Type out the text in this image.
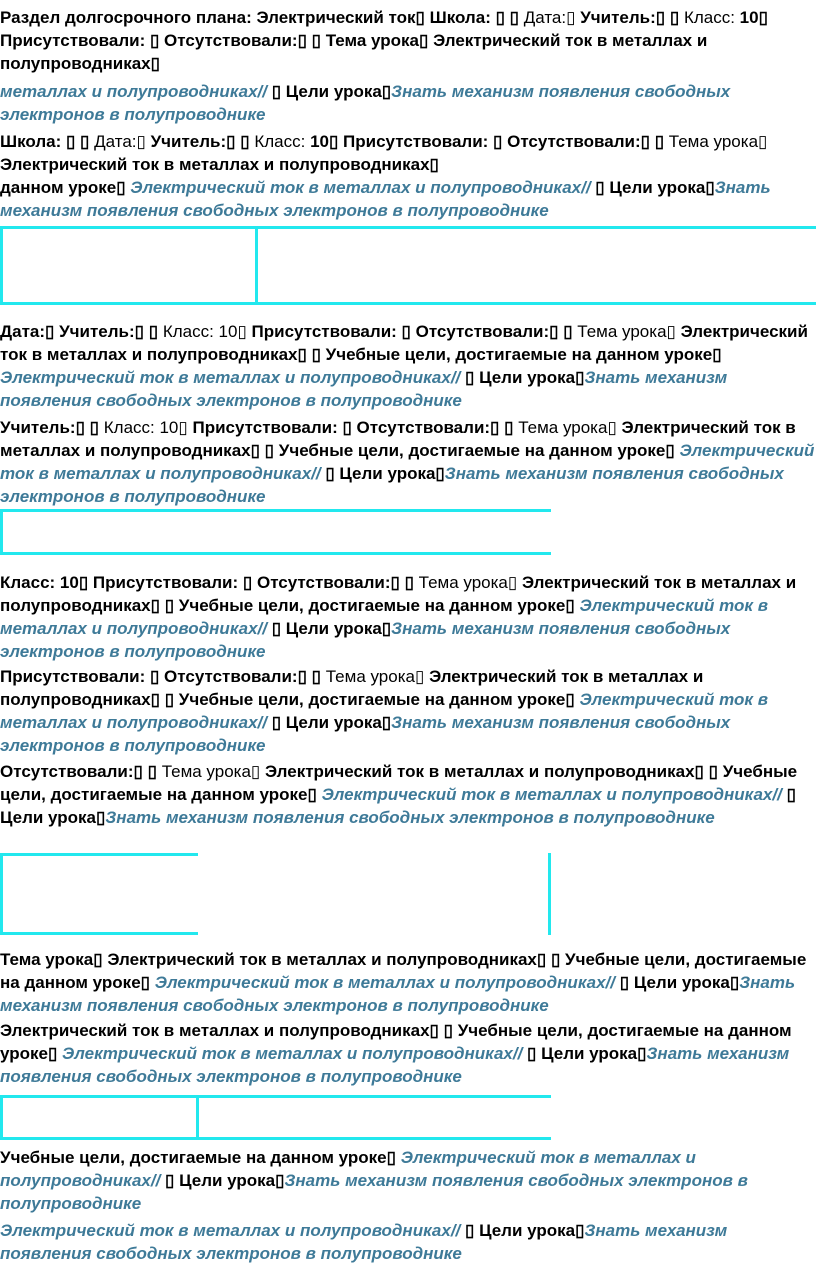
Раздел долгосрочного плана: Электрический ток▯ Школа: ▯ ▯ Дата:▯ Учитель:▯ ▯ Класс: 10▯ Присутствовали: ▯ Отсутствовали:▯ ▯ Тема урока▯ Электрический ток в металлах и полупроводниках▯
металлах и полупроводниках// ▯ Цели урока▯Знать механизм появления свободных электронов в полупроводнике
Школа: ▯ ▯ Дата:▯ Учитель:▯ ▯ Класс: 10▯ Присутствовали: ▯ Отсутствовали:▯ ▯ Тема урока▯ Электрический ток в металлах и полупроводниках▯
данном уроке▯ Электрический ток в металлах и полупроводниках// ▯ Цели урока▯Знать механизм появления свободных электронов в полупроводнике
Дата:▯ Учитель:▯ ▯ Класс: 10▯ Присутствовали: ▯ Отсутствовали:▯ ▯ Тема урока▯ Электрический ток в металлах и полупроводниках▯ ▯ Учебные цели, достигаемые на данном уроке▯ Электрический ток в металлах и полупроводниках// ▯ Цели урока▯Знать механизм появления свободных электронов в полупроводнике
Учитель:▯ ▯ Класс: 10▯ Присутствовали: ▯ Отсутствовали:▯ ▯ Тема урока▯ Электрический ток в металлах и полупроводниках▯ ▯ Учебные цели, достигаемые на данном уроке▯ Электрический ток в металлах и полупроводниках// ▯ Цели урока▯Знать механизм появления свободных электронов в полупроводнике
Класс: 10▯ Присутствовали: ▯ Отсутствовали:▯ ▯ Тема урока▯ Электрический ток в металлах и полупроводниках▯ ▯ Учебные цели, достигаемые на данном уроке▯ Электрический ток в металлах и полупроводниках// ▯ Цели урока▯Знать механизм появления свободных электронов в полупроводнике
Присутствовали: ▯ Отсутствовали:▯ ▯ Тема урока▯ Электрический ток в металлах и полупроводниках▯ ▯ Учебные цели, достигаемые на данном уроке▯ Электрический ток в металлах и полупроводниках// ▯ Цели урока▯Знать механизм появления свободных электронов в полупроводнике
Отсутствовали:▯ ▯ Тема урока▯ Электрический ток в металлах и полупроводниках▯ ▯ Учебные цели, достигаемые на данном уроке▯ Электрический ток в металлах и полупроводниках// ▯ Цели урока▯Знать механизм появления свободных электронов в полупроводнике
Тема урока▯ Электрический ток в металлах и полупроводниках▯ ▯ Учебные цели, достигаемые на данном уроке▯ Электрический ток в металлах и полупроводниках// ▯ Цели урока▯Знать механизм появления свободных электронов в полупроводнике
Электрический ток в металлах и полупроводниках▯ ▯ Учебные цели, достигаемые на данном уроке▯ Электрический ток в металлах и полупроводниках// ▯ Цели урока▯Знать механизм появления свободных электронов в полупроводнике
Учебные цели, достигаемые на данном уроке▯ Электрический ток в металлах и полупроводниках// ▯ Цели урока▯Знать механизм появления свободных электронов в полупроводнике
Электрический ток в металлах и полупроводниках// ▯ Цели урока▯Знать механизм появления свободных электронов в полупроводнике
